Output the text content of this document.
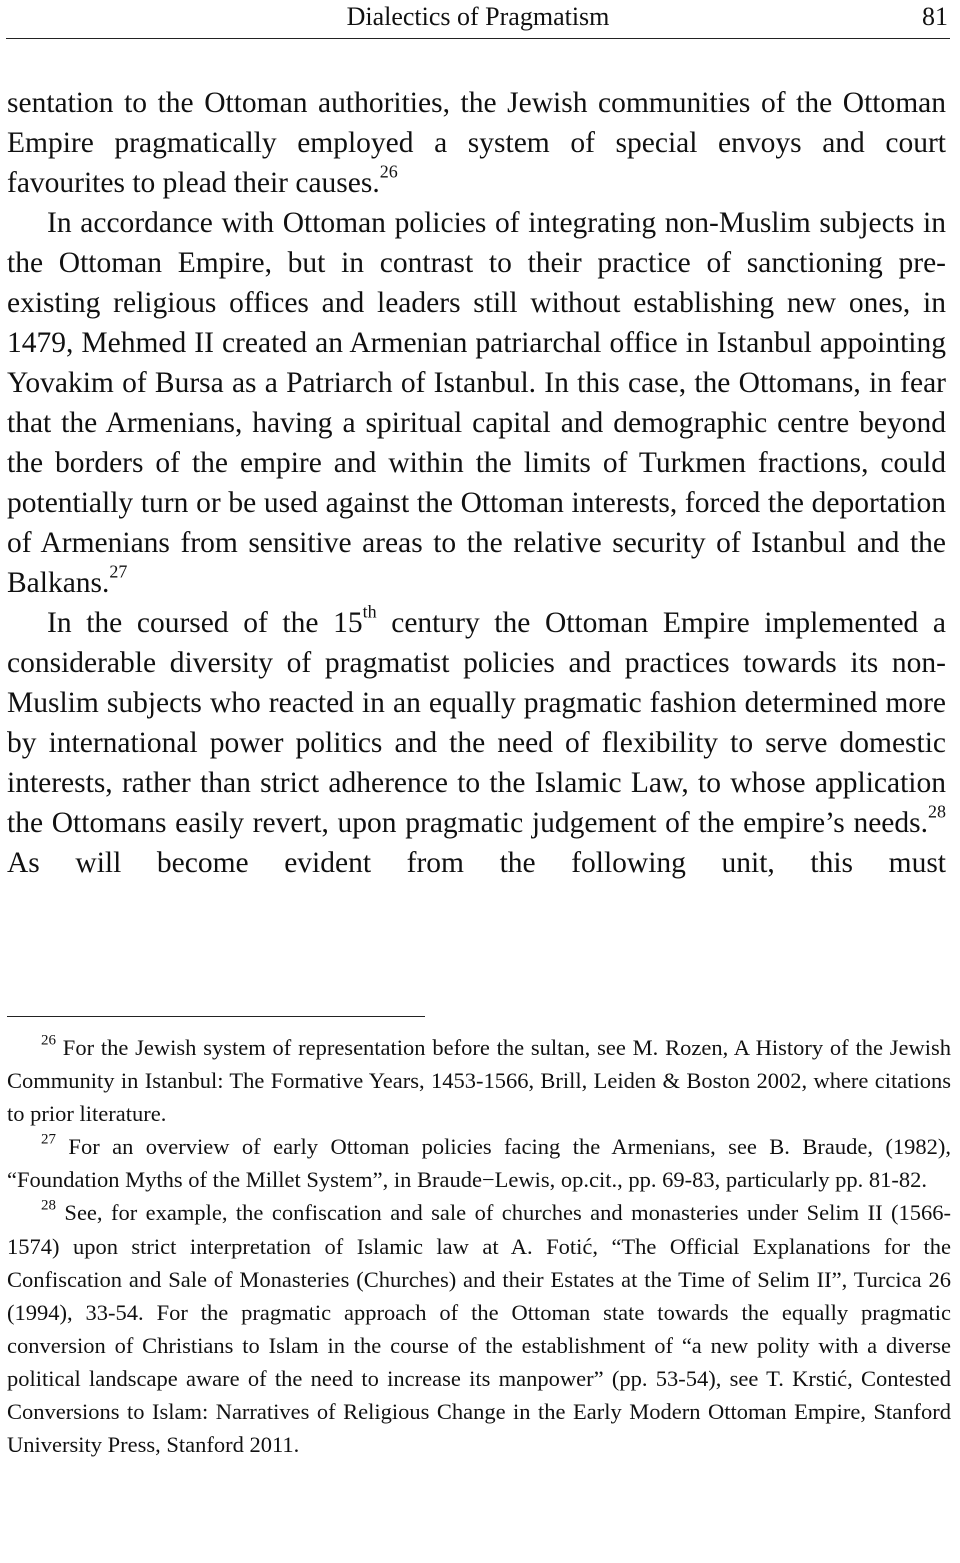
Dialectics of Pragmatism	81

sentation to the Ottoman authorities, the Jewish communities of the Ottoman Empire pragmatically employed a system of special envoys and court favourites to plead their causes.$^{26}$

In accordance with Ottoman policies of integrating non-Muslim subjects in the Ottoman Empire, but in contrast to their practice of sanctioning pre-existing religious offices and leaders still without establishing new ones, in 1479, Mehmed II created an Armenian patriarchal office in Istanbul appointing Yovakim of Bursa as a Patriarch of Istanbul. In this case, the Ottomans, in fear that the Armenians, having a spiritual capital and demographic centre beyond the borders of the empire and within the limits of Turkmen fractions, could potentially turn or be used against the Ottoman interests, forced the deportation of Armenians from sensitive areas to the relative security of Istanbul and the Balkans.$^{27}$

In the coursed of the 15th century the Ottoman Empire implemented a considerable diversity of pragmatist policies and practices towards its non-Muslim subjects who reacted in an equally pragmatic fashion determined more by international power politics and the need of flexibility to serve domestic interests, rather than strict adherence to the Islamic Law, to whose application the Ottomans easily revert, upon pragmatic judgement of the empire’s needs.$^{28}$ As will become evident from the following unit, this must

$^{26}$ For the Jewish system of representation before the sultan, see M. Rozen, A History of the Jewish Community in Istanbul: The Formative Years, 1453-1566, Brill, Leiden & Boston 2002, where citations to prior literature.

$^{27}$ For an overview of early Ottoman policies facing the Armenians, see B. Braude, (1982), “Foundation Myths of the Millet System”, in Braude−Lewis, op.cit., pp. 69-83, particularly pp. 81-82.

$^{28}$ See, for example, the confiscation and sale of churches and monasteries under Selim II (1566-1574) upon strict interpretation of Islamic law at A. Fotić, “The Official Explanations for the Confiscation and Sale of Monasteries (Churches) and their Estates at the Time of Selim II”, Turcica 26 (1994), 33-54. For the pragmatic approach of the Ottoman state towards the equally pragmatic conversion of Christians to Islam in the course of the establishment of “a new polity with a diverse political landscape aware of the need to increase its manpower” (pp. 53-54), see T. Krstić, Contested Conversions to Islam: Narratives of Religious Change in the Early Modern Ottoman Empire, Stanford University Press, Stanford 2011.
